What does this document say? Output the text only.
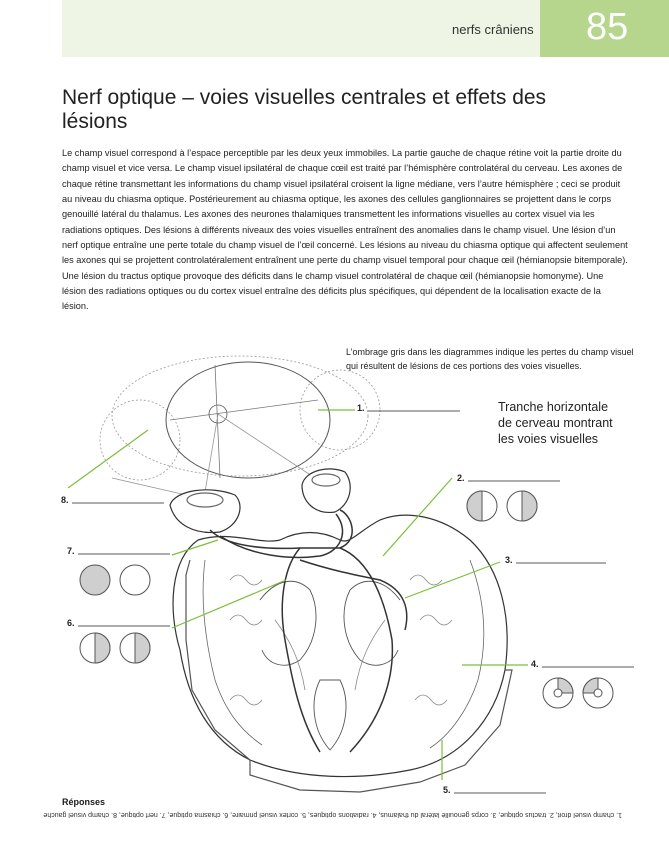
nerfs crâniens 85
Nerf optique – voies visuelles centrales et effets des lésions

Le champ visuel correspond à l’espace perceptible par les deux yeux immobiles. La partie gauche de chaque rétine voit la partie droite du champ visuel et vice versa. Le champ visuel ipsilatéral de chaque cœil est traité par l’hémisphère controlatéral du cerveau. Les axones de chaque rétine transmettant les informations du champ visuel ipsilatéral croisent la ligne médiane, vers l’autre hémisphère ; ceci se produit au niveau du chiasma optique. Postérieurement au chiasma optique, les axones des cellules ganglionnaires se projettent dans le corps genouillé latéral du thalamus. Les axones des neurones thalamiques transmettent les informations visuelles au cortex visuel via les radiations optiques. Des lésions à différents niveaux des voies visuelles entraînent des anomalies dans le champ visuel. Une lésion d’un nerf optique entraîne une perte totale du champ visuel de l’œil concerné. Les lésions au niveau du chiasma optique qui affectent seulement les axones qui se projettent controlatéralement entraînent une perte du champ visuel temporal pour chaque œil (hémianopsie bitemporale). Une lésion du tractus optique provoque des déficits dans le champ visuel controlatéral de chaque œil (hémianopsie homonyme). Une lésion des radiations optiques ou du cortex visuel entraîne des déficits plus spécifiques, qui dépendent de la localisation exacte de la lésion.

L’ombrage gris dans les diagrammes indique les pertes du champ visuel qui résultent de lésions de ces portions des voies visuelles.
Tranche horizontale
de cerveau montrant
les voies visuelles
1.
2.
3.
4.
5.
6.
7.
8.
Réponses
1. champ visuel droit, 2. tractus optique, 3. corps genouillé latéral du thalamus, 4. radiations optiques, 5. cortex visuel primaire, 6. chiasma optique, 7. nerf optique, 8. champ visuel gauche
